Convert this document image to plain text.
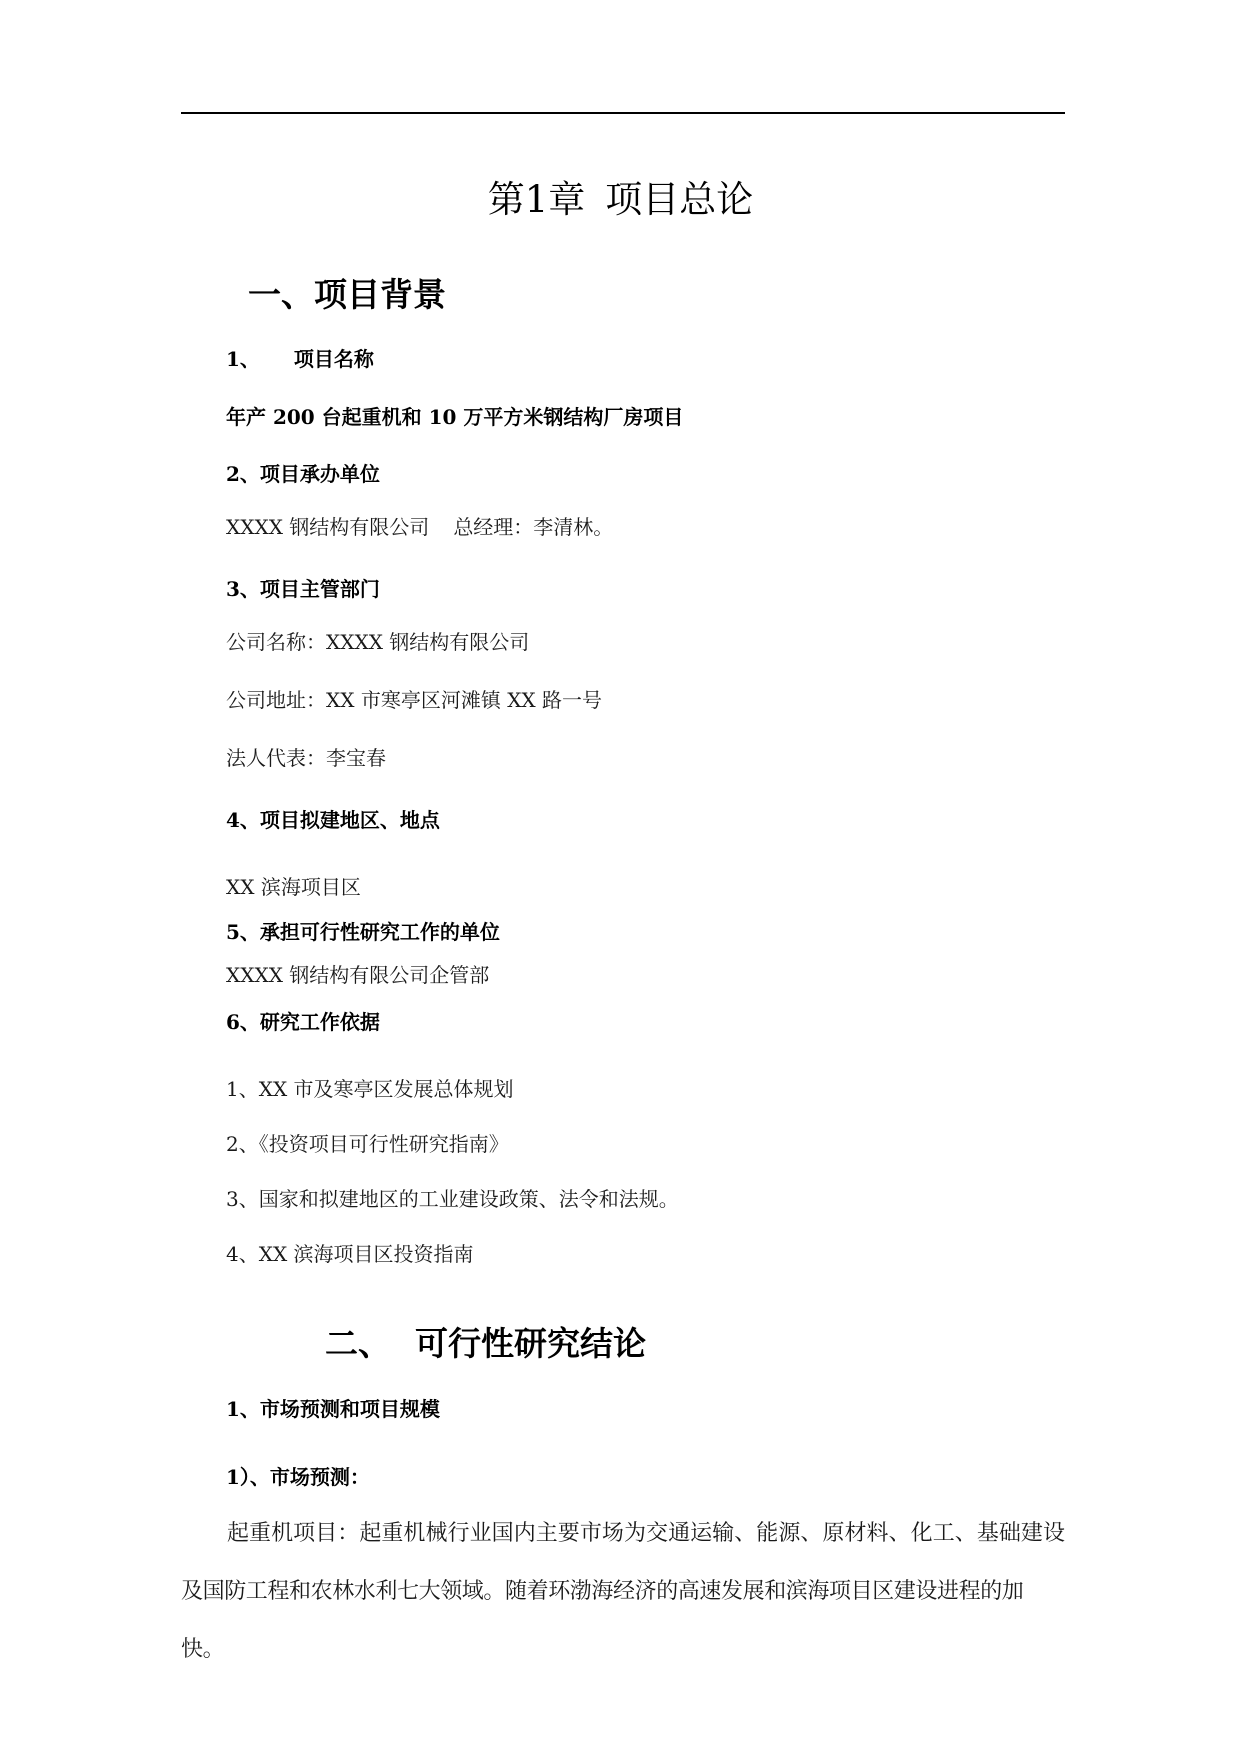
第1章 项目总论
一、项目背景
1、 项目名称
年产 200 台起重机和 10 万平方米钢结构厂房项目
2、项目承办单位
XXXX 钢结构有限公司 总经理：李清林。
3、项目主管部门
公司名称：XXXX 钢结构有限公司
公司地址：XX 市寒亭区河滩镇 XX 路一号
法人代表：李宝春
4、项目拟建地区、地点
XX 滨海项目区
5、承担可行性研究工作的单位
XXXX 钢结构有限公司企管部
6、研究工作依据
1、XX 市及寒亭区发展总体规划
2、《投资项目可行性研究指南》
3、国家和拟建地区的工业建设政策、法令和法规。
4、XX 滨海项目区投资指南
二、 可行性研究结论
1、市场预测和项目规模
1）、市场预测：
起重机项目：起重机械行业国内主要市场为交通运输、能源、原材料、化工、基础建设
及国防工程和农林水利七大领域。随着环渤海经济的高速发展和滨海项目区建设进程的加快。
